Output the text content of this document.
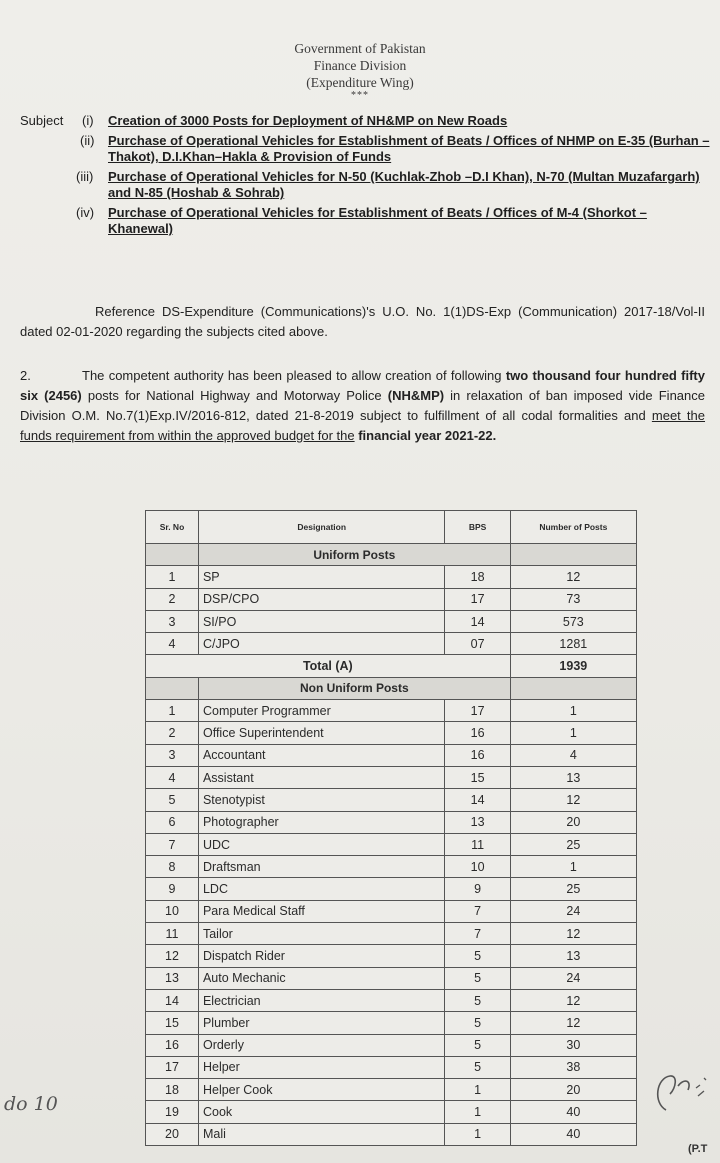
Government of Pakistan
Finance Division
(Expenditure Wing)
***
Subject (i) Creation of 3000 Posts for Deployment of NH&MP on New Roads
(ii) Purchase of Operational Vehicles for Establishment of Beats / Offices of NHMP on E-35 (Burhan – Thakot), D.I.Khan–Hakla & Provision of Funds
(iii) Purchase of Operational Vehicles for N-50 (Kuchlak-Zhob –D.I Khan), N-70 (Multan Muzafargarh) and N-85 (Hoshab & Sohrab)
(iv) Purchase of Operational Vehicles for Establishment of Beats / Offices of M-4 (Shorkot – Khanewal)
Reference DS-Expenditure (Communications)'s U.O. No. 1(1)DS-Exp (Communication) 2017-18/Vol-II dated 02-01-2020 regarding the subjects cited above.
2.	The competent authority has been pleased to allow creation of following two thousand four hundred fifty six (2456) posts for National Highway and Motorway Police (NH&MP) in relaxation of ban imposed vide Finance Division O.M. No.7(1)Exp.IV/2016-812, dated 21-8-2019 subject to fulfillment of all codal formalities and meet the funds requirement from within the approved budget for the financial year 2021-22.
Sr. No	Designation	BPS	Number of Posts
	Uniform Posts		
1	SP	18	12
2	DSP/CPO	17	73
3	SI/PO	14	573
4	C/JPO	07	1281
Total (A)			1939
	Non Uniform Posts		
1	Computer Programmer	17	1
2	Office Superintendent	16	1
3	Accountant	16	4
4	Assistant	15	13
5	Stenotypist	14	12
6	Photographer	13	20
7	UDC	11	25
8	Draftsman	10	1
9	LDC	9	25
10	Para Medical Staff	7	24
11	Tailor	7	12
12	Dispatch Rider	5	13
13	Auto Mechanic	5	24
14	Electrician	5	12
15	Plumber	5	12
16	Orderly	5	30
17	Helper	5	38
18	Helper Cook	1	20
19	Cook	1	40
20	Mali	1	40
do 10
(P.T
